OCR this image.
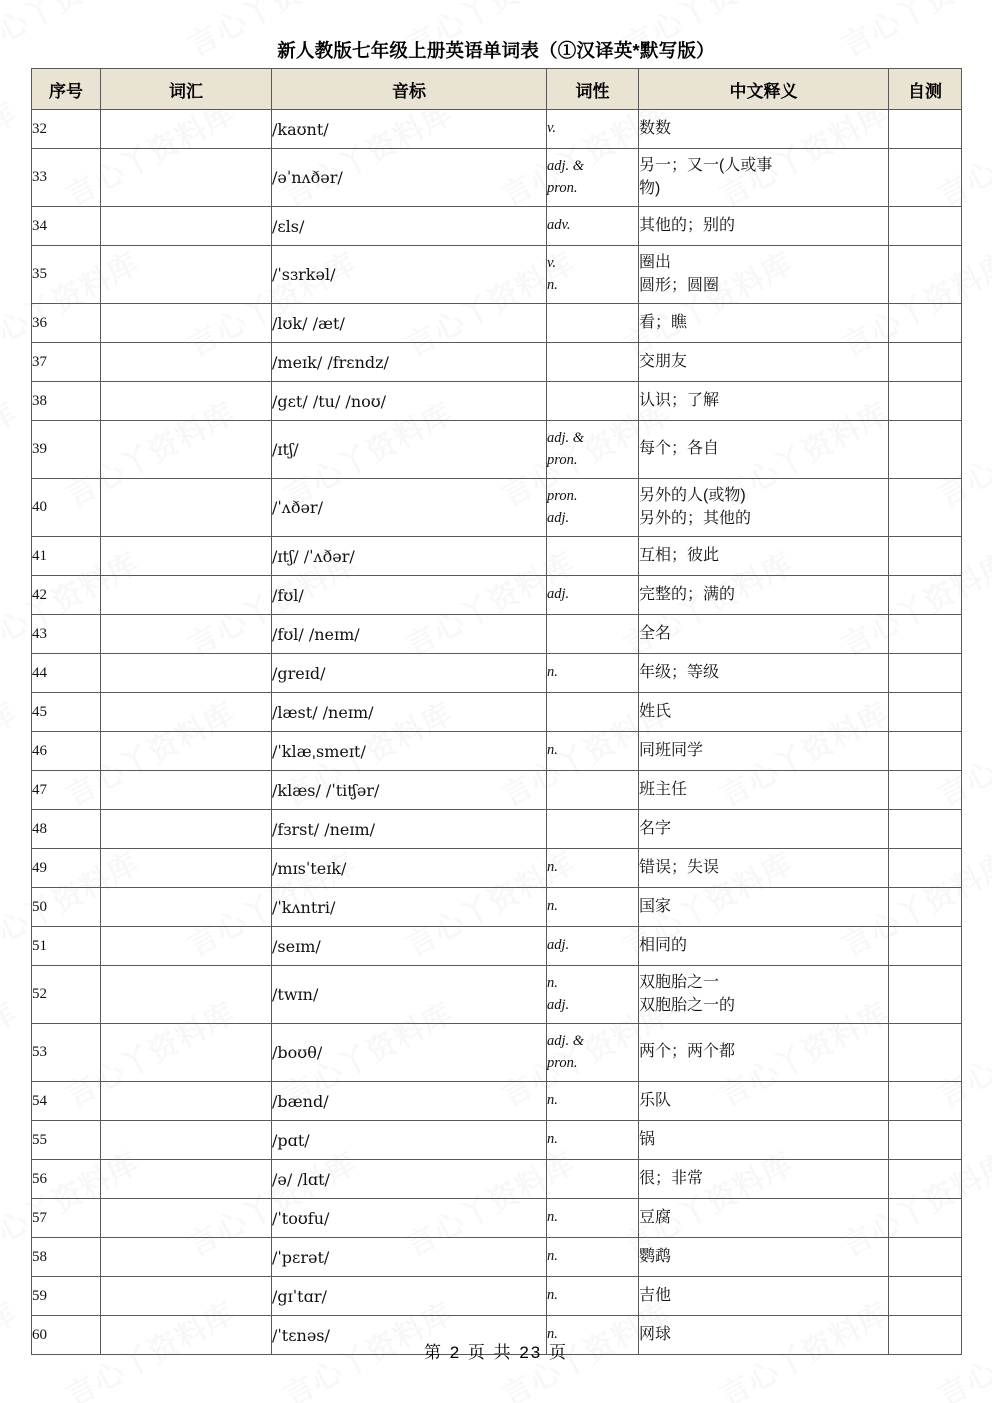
新人教版七年级上册英语单词表（①汉译英*默写版）
序号	词汇	音标	词性	中文释义	自测
32		/kaʊnt/	v.	数数	
33		/əˈnʌðər/	adj. &
pron.	另一；又一(人或事
物)	
34		/ɛls/	adv.	其他的；别的	
35		/ˈsɜrkəl/	v.
n.	圈出
圆形；圆圈	
36		/lʊk/ /æt/		看；瞧	
37		/meɪk/ /frɛndz/		交朋友	
38		/gɛt/ /tu/ /noʊ/		认识；了解	
39		/ɪtʃ/	adj. &
pron.	每个；各自	
40		/ˈʌðər/	pron.
adj.	另外的人(或物)
另外的；其他的	
41		/ɪtʃ/ /ˈʌðər/		互相；彼此	
42		/fʊl/	adj.	完整的；满的	
43		/fʊl/ /neɪm/		全名	
44		/greɪd/	n.	年级；等级	
45		/læst/ /neɪm/		姓氏	
46		/ˈklæˌsmeɪt/	n.	同班同学	
47		/klæs/ /ˈtiʧər/		班主任	
48		/fɜrst/ /neɪm/		名字	
49		/mɪsˈteɪk/	n.	错误；失误	
50		/ˈkʌntri/	n.	国家	
51		/seɪm/	adj.	相同的	
52		/twɪn/	n.
adj.	双胞胎之一
双胞胎之一的	
53		/boʊθ/	adj. &
pron.	两个；两个都	
54		/bænd/	n.	乐队	
55		/pɑt/	n.	锅	
56		/ə/ /lɑt/		很；非常	
57		/ˈtoʊfu/	n.	豆腐	
58		/ˈpɛrət/	n.	鹦鹉	
59		/gɪˈtɑr/	n.	吉他	
60		/ˈtɛnəs/	n.	网球	
第 2 页 共 23 页
